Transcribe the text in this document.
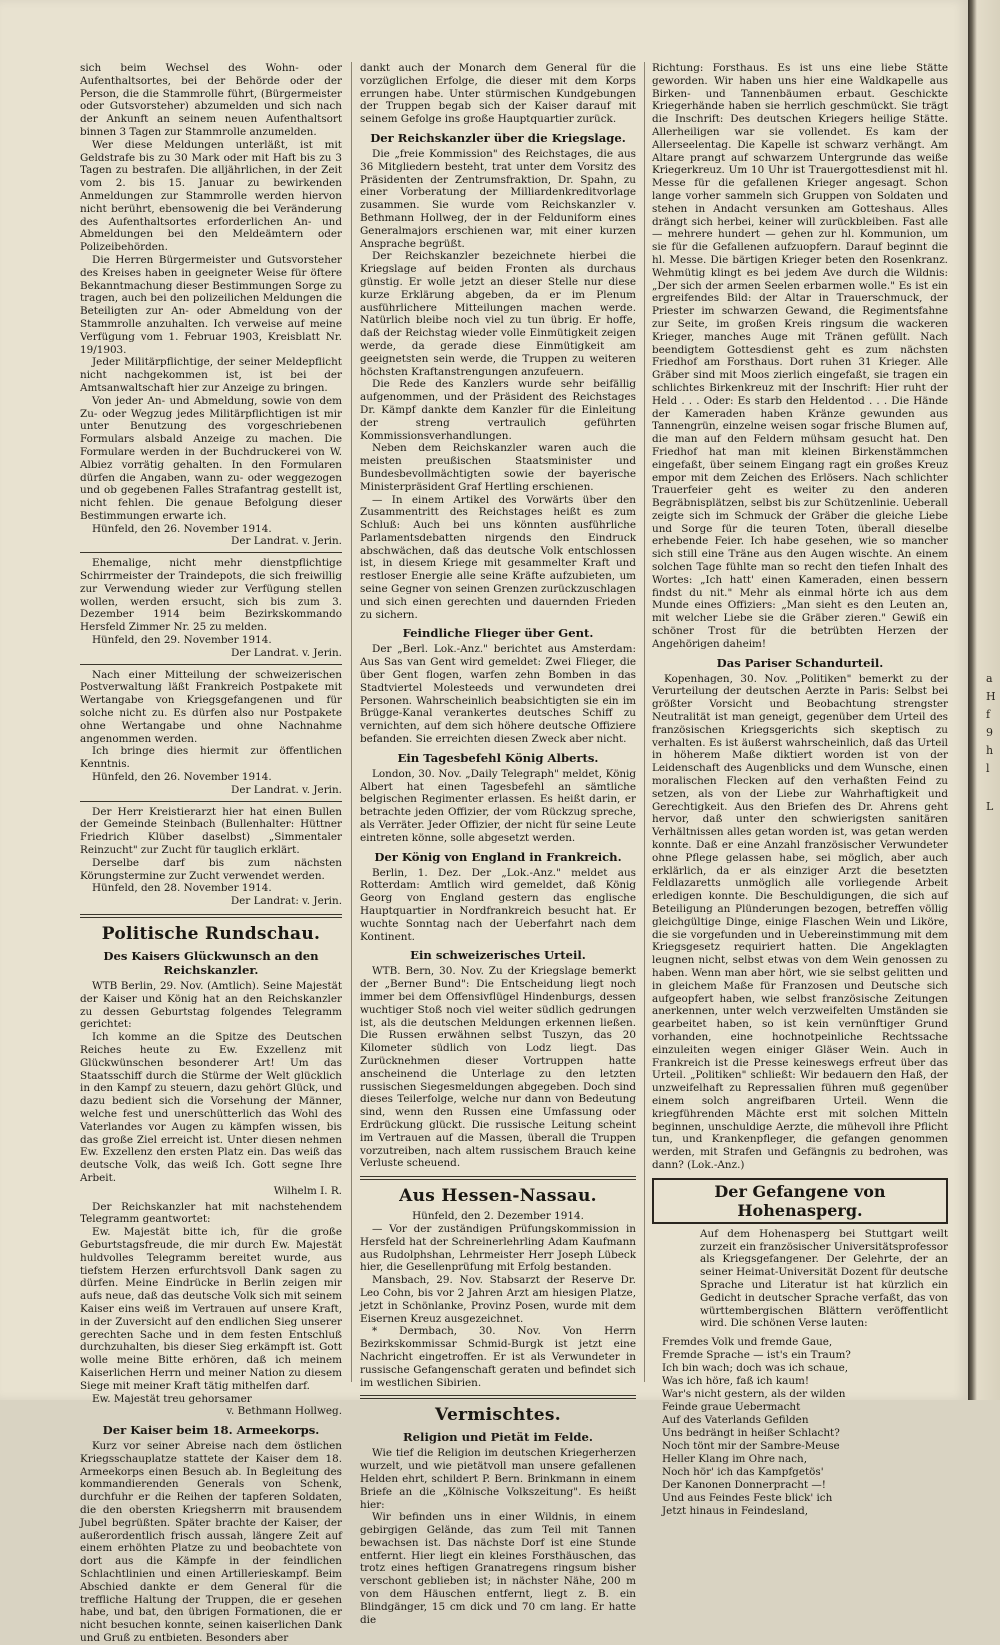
a
H
f
9
h
l
L

sich beim Wechsel des Wohn- oder Aufenthaltsortes, bei der Behörde oder der Person, die die Stammrolle führt, (Bürgermeister oder Gutsvorsteher) abzumelden und sich nach der Ankunft an seinem neuen Aufenthaltsort binnen 3 Tagen zur Stammrolle anzumelden.

Wer diese Meldungen unterläßt, ist mit Geldstrafe bis zu 30 Mark oder mit Haft bis zu 3 Tagen zu bestrafen. Die alljährlichen, in der Zeit vom 2. bis 15. Januar zu bewirkenden Anmeldungen zur Stammrolle werden hiervon nicht berührt, ebensowenig die bei Veränderung des Aufenthaltsortes erforderlichen An- und Abmeldungen bei den Meldeämtern oder Polizeibehörden.

Die Herren Bürgermeister und Gutsvorsteher des Kreises haben in geeigneter Weise für öftere Bekanntmachung dieser Bestimmungen Sorge zu tragen, auch bei den polizeilichen Meldungen die Beteiligten zur An- oder Abmeldung von der Stammrolle anzuhalten. Ich verweise auf meine Verfügung vom 1. Februar 1903, Kreisblatt Nr. 19/1903.

Jeder Militärpflichtige, der seiner Meldepflicht nicht nachgekommen ist, ist bei der Amtsanwaltschaft hier zur Anzeige zu bringen.

Von jeder An- und Abmeldung, sowie von dem Zu- oder Wegzug jedes Militärpflichtigen ist mir unter Benutzung des vorgeschriebenen Formulars alsbald Anzeige zu machen. Die Formulare werden in der Buchdruckerei von W. Albiez vorrätig gehalten. In den Formularen dürfen die Angaben, wann zu- oder weggezogen und ob gegebenen Falles Strafantrag gestellt ist, nicht fehlen. Die genaue Befolgung dieser Bestimmungen erwarte ich.

Hünfeld, den 26. November 1914.

Der Landrat. v. Jerin.

Ehemalige, nicht mehr dienstpflichtige Schirrmeister der Traindepots, die sich freiwillig zur Verwendung wieder zur Verfügung stellen wollen, werden ersucht, sich bis zum 3. Dezember 1914 beim Bezirkskommando Hersfeld Zimmer Nr. 25 zu melden.

Hünfeld, den 29. November 1914.

Der Landrat. v. Jerin.

Nach einer Mitteilung der schweizerischen Postverwaltung läßt Frankreich Postpakete mit Wertangabe von Kriegsgefangenen und für solche nicht zu. Es dürfen also nur Postpakete ohne Wertangabe und ohne Nachnahme angenommen werden.

Ich bringe dies hiermit zur öffentlichen Kenntnis.

Hünfeld, den 26. November 1914.

Der Landrat. v. Jerin.

Der Herr Kreistierarzt hier hat einen Bullen der Gemeinde Steinbach (Bullenhalter: Hüttner Friedrich Klüber daselbst) „Simmentaler Reinzucht" zur Zucht für tauglich erklärt.

Derselbe darf bis zum nächsten Körungstermine zur Zucht verwendet werden.

Hünfeld, den 28. November 1914.

Der Landrat: v. Jerin.

Politische Rundschau.
Des Kaisers Glückwunsch an den Reichskanzler.

WTB Berlin, 29. Nov. (Amtlich). Seine Majestät der Kaiser und König hat an den Reichskanzler zu dessen Geburtstag folgendes Telegramm gerichtet:

Ich komme an die Spitze des Deutschen Reiches heute zu Ew. Exzellenz mit Glückwünschen besonderer Art! Um das Staatsschiff durch die Stürme der Welt glücklich in den Kampf zu steuern, dazu gehört Glück, und dazu bedient sich die Vorsehung der Männer, welche fest und unerschütterlich das Wohl des Vaterlandes vor Augen zu kämpfen wissen, bis das große Ziel erreicht ist. Unter diesen nehmen Ew. Exzellenz den ersten Platz ein. Das weiß das deutsche Volk, das weiß Ich. Gott segne Ihre Arbeit.

Wilhelm I. R.

Der Reichskanzler hat mit nachstehendem Telegramm geantwortet:

Ew. Majestät bitte ich, für die große Geburtstagsfreude, die mir durch Ew. Majestät huldvolles Telegramm bereitet wurde, aus tiefstem Herzen erfurchtsvoll Dank sagen zu dürfen. Meine Eindrücke in Berlin zeigen mir aufs neue, daß das deutsche Volk sich mit seinem Kaiser eins weiß im Vertrauen auf unsere Kraft, in der Zuversicht auf den endlichen Sieg unserer gerechten Sache und in dem festen Entschluß durchzuhalten, bis dieser Sieg erkämpft ist. Gott wolle meine Bitte erhören, daß ich meinem Kaiserlichen Herrn und meiner Nation zu diesem Siege mit meiner Kraft tätig mithelfen darf.

Ew. Majestät treu gehorsamer

v. Bethmann Hollweg.

Der Kaiser beim 18. Armeekorps.

Kurz vor seiner Abreise nach dem östlichen Kriegsschauplatze stattete der Kaiser dem 18. Armeekorps einen Besuch ab. In Begleitung des kommandierenden Generals von Schenk, durchfuhr er die Reihen der tapferen Soldaten, die den obersten Kriegsherrn mit brausendem Jubel begrüßten. Später brachte der Kaiser, der außerordentlich frisch aussah, längere Zeit auf einem erhöhten Platze zu und beobachtete von dort aus die Kämpfe in der feindlichen Schlachtlinien und einen Artillerieskampf. Beim Abschied dankte er dem General für die treffliche Haltung der Truppen, die er gesehen habe, und bat, den übrigen Formationen, die er nicht besuchen konnte, seinen kaiserlichen Dank und Gruß zu entbieten. Besonders aber

dankt auch der Monarch dem General für die vorzüglichen Erfolge, die dieser mit dem Korps errungen habe. Unter stürmischen Kundgebungen der Truppen begab sich der Kaiser darauf mit seinem Gefolge ins große Hauptquartier zurück.

Der Reichskanzler über die Kriegslage.

Die „freie Kommission" des Reichstages, die aus 36 Mitgliedern besteht, trat unter dem Vorsitz des Präsidenten der Zentrumsfraktion, Dr. Spahn, zu einer Vorberatung der Milliardenkreditvorlage zusammen. Sie wurde vom Reichskanzler v. Bethmann Hollweg, der in der Felduniform eines Generalmajors erschienen war, mit einer kurzen Ansprache begrüßt.

Der Reichskanzler bezeichnete hierbei die Kriegslage auf beiden Fronten als durchaus günstig. Er wolle jetzt an dieser Stelle nur diese kurze Erklärung abgeben, da er im Plenum ausführlichere Mitteilungen machen werde. Natürlich bleibe noch viel zu tun übrig. Er hoffe, daß der Reichstag wieder volle Einmütigkeit zeigen werde, da gerade diese Einmütigkeit am geeignetsten sein werde, die Truppen zu weiteren höchsten Kraftanstrengungen anzufeuern.

Die Rede des Kanzlers wurde sehr beifällig aufgenommen, und der Präsident des Reichstages Dr. Kämpf dankte dem Kanzler für die Einleitung der streng vertraulich geführten Kommissionsverhandlungen.

Neben dem Reichskanzler waren auch die meisten preußischen Staatsminister und Bundesbevollmächtigten sowie der bayerische Ministerpräsident Graf Hertling erschienen.

— In einem Artikel des Vorwärts über den Zusammentritt des Reichstages heißt es zum Schluß: Auch bei uns könnten ausführliche Parlamentsdebatten nirgends den Eindruck abschwächen, daß das deutsche Volk entschlossen ist, in diesem Kriege mit gesammelter Kraft und restloser Energie alle seine Kräfte aufzubieten, um seine Gegner von seinen Grenzen zurückzuschlagen und sich einen gerechten und dauernden Frieden zu sichern.

Feindliche Flieger über Gent.

Der „Berl. Lok.-Anz." berichtet aus Amsterdam: Aus Sas van Gent wird gemeldet: Zwei Flieger, die über Gent flogen, warfen zehn Bomben in das Stadtviertel Molesteeds und verwundeten drei Personen. Wahrscheinlich beabsichtigten sie ein im Brügge-Kanal verankertes deutsches Schiff zu vernichten, auf dem sich höhere deutsche Offiziere befanden. Sie erreichten diesen Zweck aber nicht.

Ein Tagesbefehl König Alberts.

London, 30. Nov. „Daily Telegraph" meldet, König Albert hat einen Tagesbefehl an sämtliche belgischen Regimenter erlassen. Es heißt darin, er betrachte jeden Offizier, der vom Rückzug spreche, als Verräter. Jeder Offizier, der nicht für seine Leute eintreten könne, solle abgesetzt werden.

Der König von England in Frankreich.

Berlin, 1. Dez. Der „Lok.-Anz." meldet aus Rotterdam: Amtlich wird gemeldet, daß König Georg von England gestern das englische Hauptquartier in Nordfrankreich besucht hat. Er wuchte Sonntag nach der Ueberfahrt nach dem Kontinent.

Ein schweizerisches Urteil.

WTB. Bern, 30. Nov. Zu der Kriegslage bemerkt der „Berner Bund": Die Entscheidung liegt noch immer bei dem Offensivflügel Hindenburgs, dessen wuchtiger Stoß noch viel weiter südlich gedrungen ist, als die deutschen Meldungen erkennen ließen. Die Russen erwähnen selbst Tuszyn, das 20 Kilometer südlich von Lodz liegt. Das Zurücknehmen dieser Vortruppen hatte anscheinend die Unterlage zu den letzten russischen Siegesmeldungen abgegeben. Doch sind dieses Teilerfolge, welche nur dann von Bedeutung sind, wenn den Russen eine Umfassung oder Erdrückung glückt. Die russische Leitung scheint im Vertrauen auf die Massen, überall die Truppen vorzutreiben, nach altem russischem Brauch keine Verluste scheuend.

Aus Hessen-Nassau.

Hünfeld, den 2. Dezember 1914.

— Vor der zuständigen Prüfungskommission in Hersfeld hat der Schreinerlehrling Adam Kaufmann aus Rudolphshan, Lehrmeister Herr Joseph Lübeck hier, die Gesellenprüfung mit Erfolg bestanden.

Mansbach, 29. Nov. Stabsarzt der Reserve Dr. Leo Cohn, bis vor 2 Jahren Arzt am hiesigen Platze, jetzt in Schönlanke, Provinz Posen, wurde mit dem Eisernen Kreuz ausgezeichnet.

* Dermbach, 30. Nov. Von Herrn Bezirkskommissar Schmid-Burgk ist jetzt eine Nachricht eingetroffen. Er ist als Verwundeter in russische Gefangenschaft geraten und befindet sich im westlichen Sibirien.

Vermischtes.
Religion und Pietät im Felde.

Wie tief die Religion im deutschen Kriegerherzen wurzelt, und wie pietätvoll man unsere gefallenen Helden ehrt, schildert P. Bern. Brinkmann in einem Briefe an die „Kölnische Volkszeitung". Es heißt hier:

Wir befinden uns in einer Wildnis, in einem gebirgigen Gelände, das zum Teil mit Tannen bewachsen ist. Das nächste Dorf ist eine Stunde entfernt. Hier liegt ein kleines Forsthäuschen, das trotz eines heftigen Granatregens ringsum bisher verschont geblieben ist; in nächster Nähe, 200 m von dem Häuschen entfernt, liegt z. B. ein Blindgänger, 15 cm dick und 70 cm lang. Er hatte die

Richtung: Forsthaus. Es ist uns eine liebe Stätte geworden. Wir haben uns hier eine Waldkapelle aus Birken- und Tannenbäumen erbaut. Geschickte Kriegerhände haben sie herrlich geschmückt. Sie trägt die Inschrift: Des deutschen Kriegers heilige Stätte. Allerheiligen war sie vollendet. Es kam der Allerseelentag. Die Kapelle ist schwarz verhängt. Am Altare prangt auf schwarzem Untergrunde das weiße Kriegerkreuz. Um 10 Uhr ist Trauergottesdienst mit hl. Messe für die gefallenen Krieger angesagt. Schon lange vorher sammeln sich Gruppen von Soldaten und stehen in Andacht versunken am Gotteshaus. Alles drängt sich herbei, keiner will zurückbleiben. Fast alle — mehrere hundert — gehen zur hl. Kommunion, um sie für die Gefallenen aufzuopfern. Darauf beginnt die hl. Messe. Die bärtigen Krieger beten den Rosenkranz. Wehmütig klingt es bei jedem Ave durch die Wildnis: „Der sich der armen Seelen erbarmen wolle." Es ist ein ergreifendes Bild: der Altar in Trauerschmuck, der Priester im schwarzen Gewand, die Regimentsfahne zur Seite, im großen Kreis ringsum die wackeren Krieger, manches Auge mit Tränen gefüllt. Nach beendigtem Gottesdienst geht es zum nächsten Friedhof am Forsthaus. Dort ruhen 31 Krieger. Alle Gräber sind mit Moos zierlich eingefaßt, sie tragen ein schlichtes Birkenkreuz mit der Inschrift: Hier ruht der Held . . . Oder: Es starb den Heldentod . . . Die Hände der Kameraden haben Kränze gewunden aus Tannengrün, einzelne weisen sogar frische Blumen auf, die man auf den Feldern mühsam gesucht hat. Den Friedhof hat man mit kleinen Birkenstämmchen eingefaßt, über seinem Eingang ragt ein großes Kreuz empor mit dem Zeichen des Erlösers. Nach schlichter Trauerfeier geht es weiter zu den anderen Begräbnisplätzen, selbst bis zur Schützenlinie. Ueberall zeigte sich im Schmuck der Gräber die gleiche Liebe und Sorge für die teuren Toten, überall dieselbe erhebende Feier. Ich habe gesehen, wie so mancher sich still eine Träne aus den Augen wischte. An einem solchen Tage fühlte man so recht den tiefen Inhalt des Wortes: „Ich hatt' einen Kameraden, einen bessern findst du nit." Mehr als einmal hörte ich aus dem Munde eines Offiziers: „Man sieht es den Leuten an, mit welcher Liebe sie die Gräber zieren." Gewiß ein schöner Trost für die betrübten Herzen der Angehörigen daheim!

Das Pariser Schandurteil.

Kopenhagen, 30. Nov. „Politiken" bemerkt zu der Verurteilung der deutschen Aerzte in Paris: Selbst bei größter Vorsicht und Beobachtung strengster Neutralität ist man geneigt, gegenüber dem Urteil des französischen Kriegsgerichts sich skeptisch zu verhalten. Es ist äußerst wahrscheinlich, daß das Urteil in höherem Maße diktiert worden ist von der Leidenschaft des Augenblicks und dem Wunsche, einen moralischen Flecken auf den verhaßten Feind zu setzen, als von der Liebe zur Wahrhaftigkeit und Gerechtigkeit. Aus den Briefen des Dr. Ahrens geht hervor, daß unter den schwierigsten sanitären Verhältnissen alles getan worden ist, was getan werden konnte. Daß er eine Anzahl französischer Verwundeter ohne Pflege gelassen habe, sei möglich, aber auch erklärlich, da er als einziger Arzt die besetzten Feldlazaretts unmöglich alle vorliegende Arbeit erledigen konnte. Die Beschuldigungen, die sich auf Beteiligung an Plünderungen bezogen, betreffen völlig gleichgültige Dinge, einige Flaschen Wein und Liköre, die sie vorgefunden und in Uebereinstimmung mit dem Kriegsgesetz requiriert hatten. Die Angeklagten leugnen nicht, selbst etwas von dem Wein genossen zu haben. Wenn man aber hört, wie sie selbst gelitten und in gleichem Maße für Franzosen und Deutsche sich aufgeopfert haben, wie selbst französische Zeitungen anerkennen, unter welch verzweifelten Umständen sie gearbeitet haben, so ist kein vernünftiger Grund vorhanden, eine hochnotpeinliche Rechtssache einzuleiten wegen einiger Gläser Wein. Auch in Frankreich ist die Presse keineswegs erfreut über das Urteil. „Politiken" schließt: Wir bedauern den Haß, der unzweifelhaft zu Repressalien führen muß gegenüber einem solch angreifbaren Urteil. Wenn die kriegführenden Mächte erst mit solchen Mitteln beginnen, unschuldige Aerzte, die mühevoll ihre Pflicht tun, und Krankenpfleger, die gefangen genommen werden, mit Strafen und Gefängnis zu bedrohen, was dann? (Lok.-Anz.)

Der Gefangene von Hohenasperg.

Auf dem Hohenasperg bei Stuttgart weilt zurzeit ein französischer Universitätsprofessor als Kriegsgefangener. Der Gelehrte, der an seiner Heimat-Universität Dozent für deutsche Sprache und Literatur ist hat kürzlich ein Gedicht in deutscher Sprache verfaßt, das von württembergischen Blättern veröffentlicht wird. Die schönen Verse lauten:

Fremdes Volk und fremde Gaue,
Fremde Sprache — ist's ein Traum?
Ich bin wach; doch was ich schaue,
Was ich höre, faß ich kaum!
War's nicht gestern, als der wilden
Feinde graue Uebermacht
Auf des Vaterlands Gefilden
Uns bedrängt in heißer Schlacht?
Noch tönt mir der Sambre-Meuse
Heller Klang im Ohre nach,
Noch hör' ich das Kampfgetös'
Der Kanonen Donnerpracht —!
Und aus Feindes Feste blick' ich
Jetzt hinaus in Feindesland,
